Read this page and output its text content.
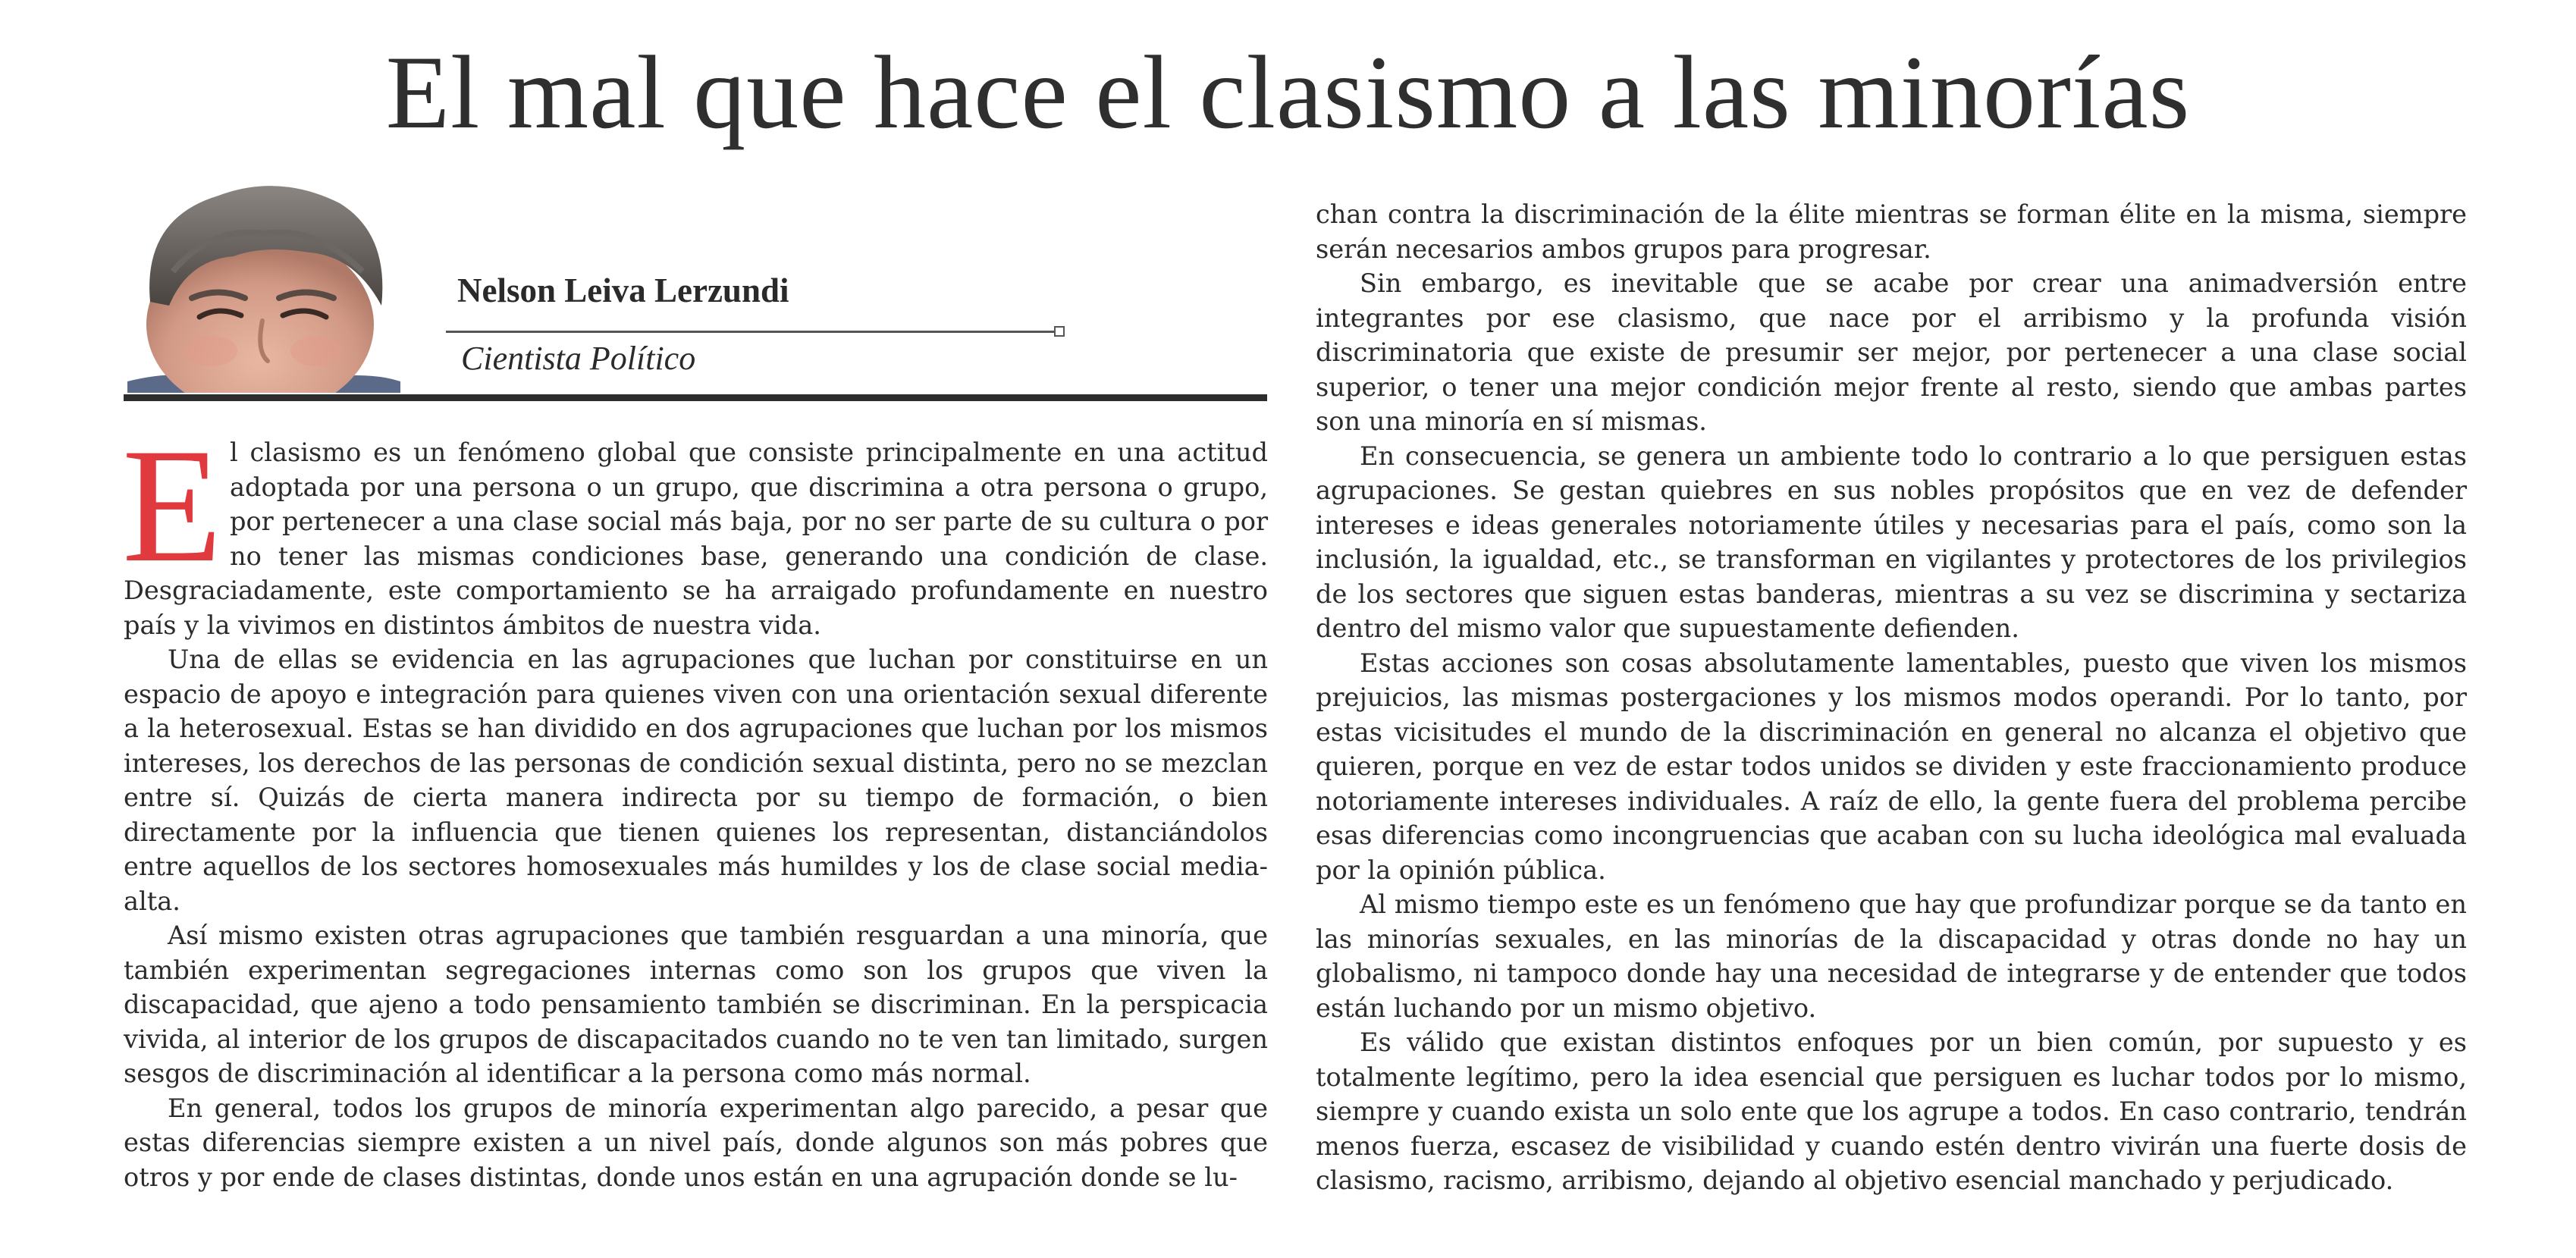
El mal que hace el clasismo a las minorías
Nelson Leiva Lerzundi
Cientista Político

El clasismo es un fenómeno global que consiste principalmente en una actitud adoptada por una persona o un grupo, que discrimina a otra persona o grupo, por pertenecer a una clase social más baja, por no ser parte de su cultura o por no tener las mismas condiciones base, generando una condición de clase. Desgraciadamente, este comportamiento se ha arraigado profundamente en nuestro país y la vivimos en distintos ámbitos de nuestra vida.

Una de ellas se evidencia en las agrupaciones que luchan por constituirse en un espacio de apoyo e integración para quienes viven con una orientación sexual diferente a la heterosexual. Estas se han dividido en dos agrupaciones que luchan por los mismos intereses, los derechos de las personas de condición sexual distinta, pero no se mezclan entre sí. Quizás de cierta manera indirecta por su tiempo de formación, o bien directamente por la influencia que tienen quienes los representan, distanciándolos entre aquellos de los sectores homosexuales más humildes y los de clase social media-alta.

Así mismo existen otras agrupaciones que también resguardan a una minoría, que también experimentan segregaciones internas como son los grupos que viven la discapacidad, que ajeno a todo pensamiento también se discriminan. En la perspicacia vivida, al interior de los grupos de discapacitados cuando no te ven tan limitado, surgen sesgos de discriminación al identificar a la persona como más normal.

En general, todos los grupos de minoría experimentan algo parecido, a pesar que estas diferencias siempre existen a un nivel país, donde algunos son más pobres que otros y por ende de clases distintas, donde unos están en una agrupación donde se lu-

chan contra la discriminación de la élite mientras se forman élite en la misma, siempre serán necesarios ambos grupos para progresar.

Sin embargo, es inevitable que se acabe por crear una animadversión entre integrantes por ese clasismo, que nace por el arribismo y la profunda visión discriminatoria que existe de presumir ser mejor, por pertenecer a una clase social superior, o tener una mejor condición mejor frente al resto, siendo que ambas partes son una minoría en sí mismas.

En consecuencia, se genera un ambiente todo lo contrario a lo que persiguen estas agrupaciones. Se gestan quiebres en sus nobles propósitos que en vez de defender intereses e ideas generales notoriamente útiles y necesarias para el país, como son la inclusión, la igualdad, etc., se transforman en vigilantes y protectores de los privilegios de los sectores que siguen estas banderas, mientras a su vez se discrimina y sectariza dentro del mismo valor que supuestamente defienden.

Estas acciones son cosas absolutamente lamentables, puesto que viven los mismos prejuicios, las mismas postergaciones y los mismos modos operandi. Por lo tanto, por estas vicisitudes el mundo de la discriminación en general no alcanza el objetivo que quieren, porque en vez de estar todos unidos se dividen y este fraccionamiento produce notoriamente intereses individuales. A raíz de ello, la gente fuera del problema percibe esas diferencias como incongruencias que acaban con su lucha ideológica mal evaluada por la opinión pública.

Al mismo tiempo este es un fenómeno que hay que profundizar porque se da tanto en las minorías sexuales, en las minorías de la discapacidad y otras donde no hay un globalismo, ni tampoco donde hay una necesidad de integrarse y de entender que todos están luchando por un mismo objetivo.

Es válido que existan distintos enfoques por un bien común, por supuesto y es totalmente legítimo, pero la idea esencial que persiguen es luchar todos por lo mismo, siempre y cuando exista un solo ente que los agrupe a todos. En caso contrario, tendrán menos fuerza, escasez de visibilidad y cuando estén dentro vivirán una fuerte dosis de clasismo, racismo, arribismo, dejando al objetivo esencial manchado y perjudicado.
